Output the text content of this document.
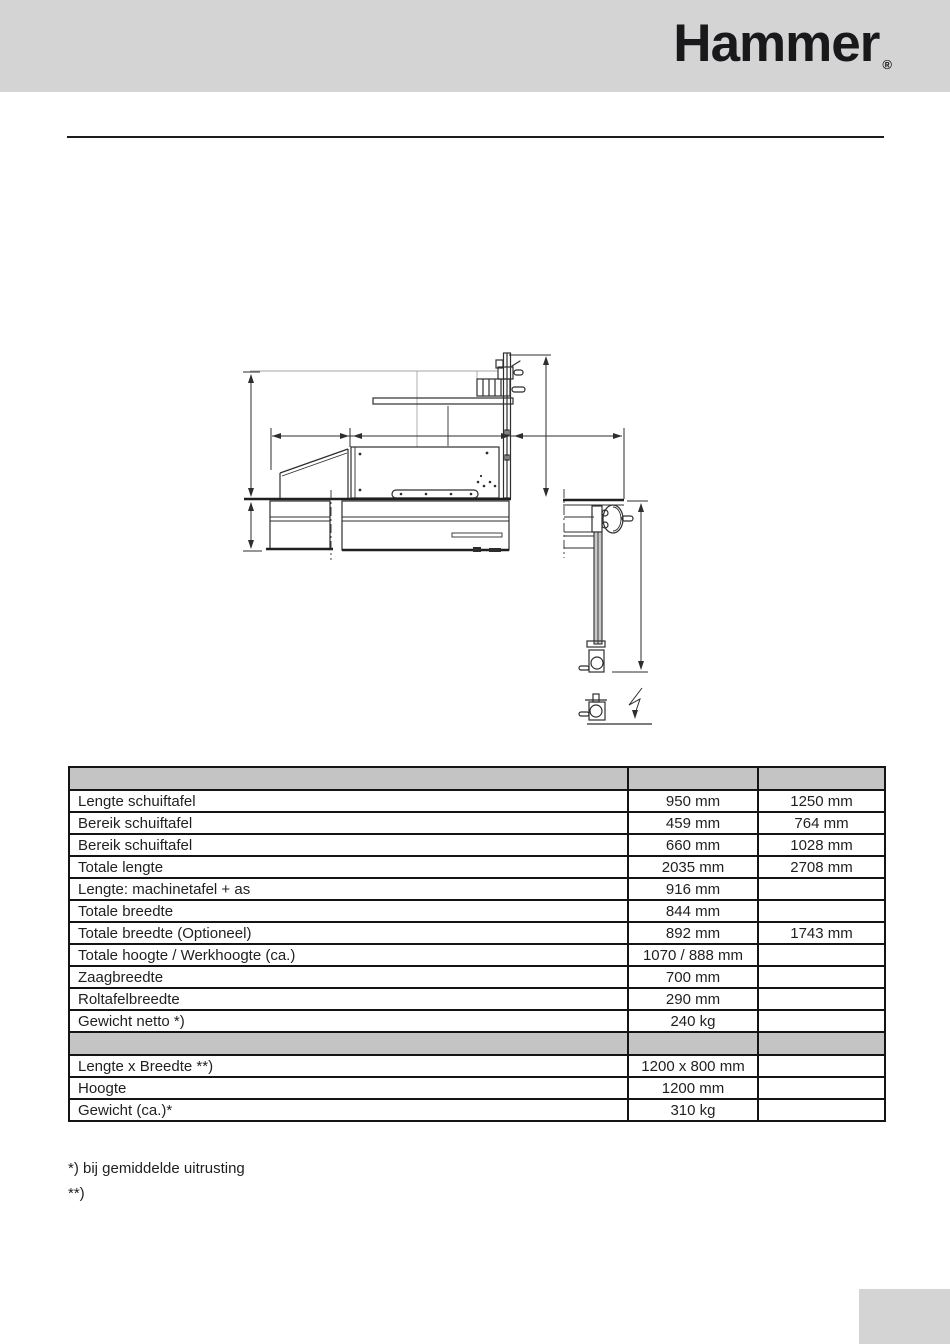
Hammer ®

Lengte schuiftafel	950 mm	1250 mm
Bereik schuiftafel	459 mm	764 mm
Bereik schuiftafel	660 mm	1028 mm
Totale lengte	2035 mm	2708 mm
Lengte: machinetafel + as	916 mm	
Totale breedte	844 mm	
Totale breedte (Optioneel)	892 mm	1743 mm
Totale hoogte / Werkhoogte (ca.)	1070 / 888 mm	
Zaagbreedte	700 mm	
Roltafelbreedte	290 mm	
Gewicht netto *)	240 kg	

Lengte x Breedte **)	1200 x 800 mm	
Hoogte	1200 mm	
Gewicht (ca.)*	310 kg	
*) bij gemiddelde uitrusting
**)
